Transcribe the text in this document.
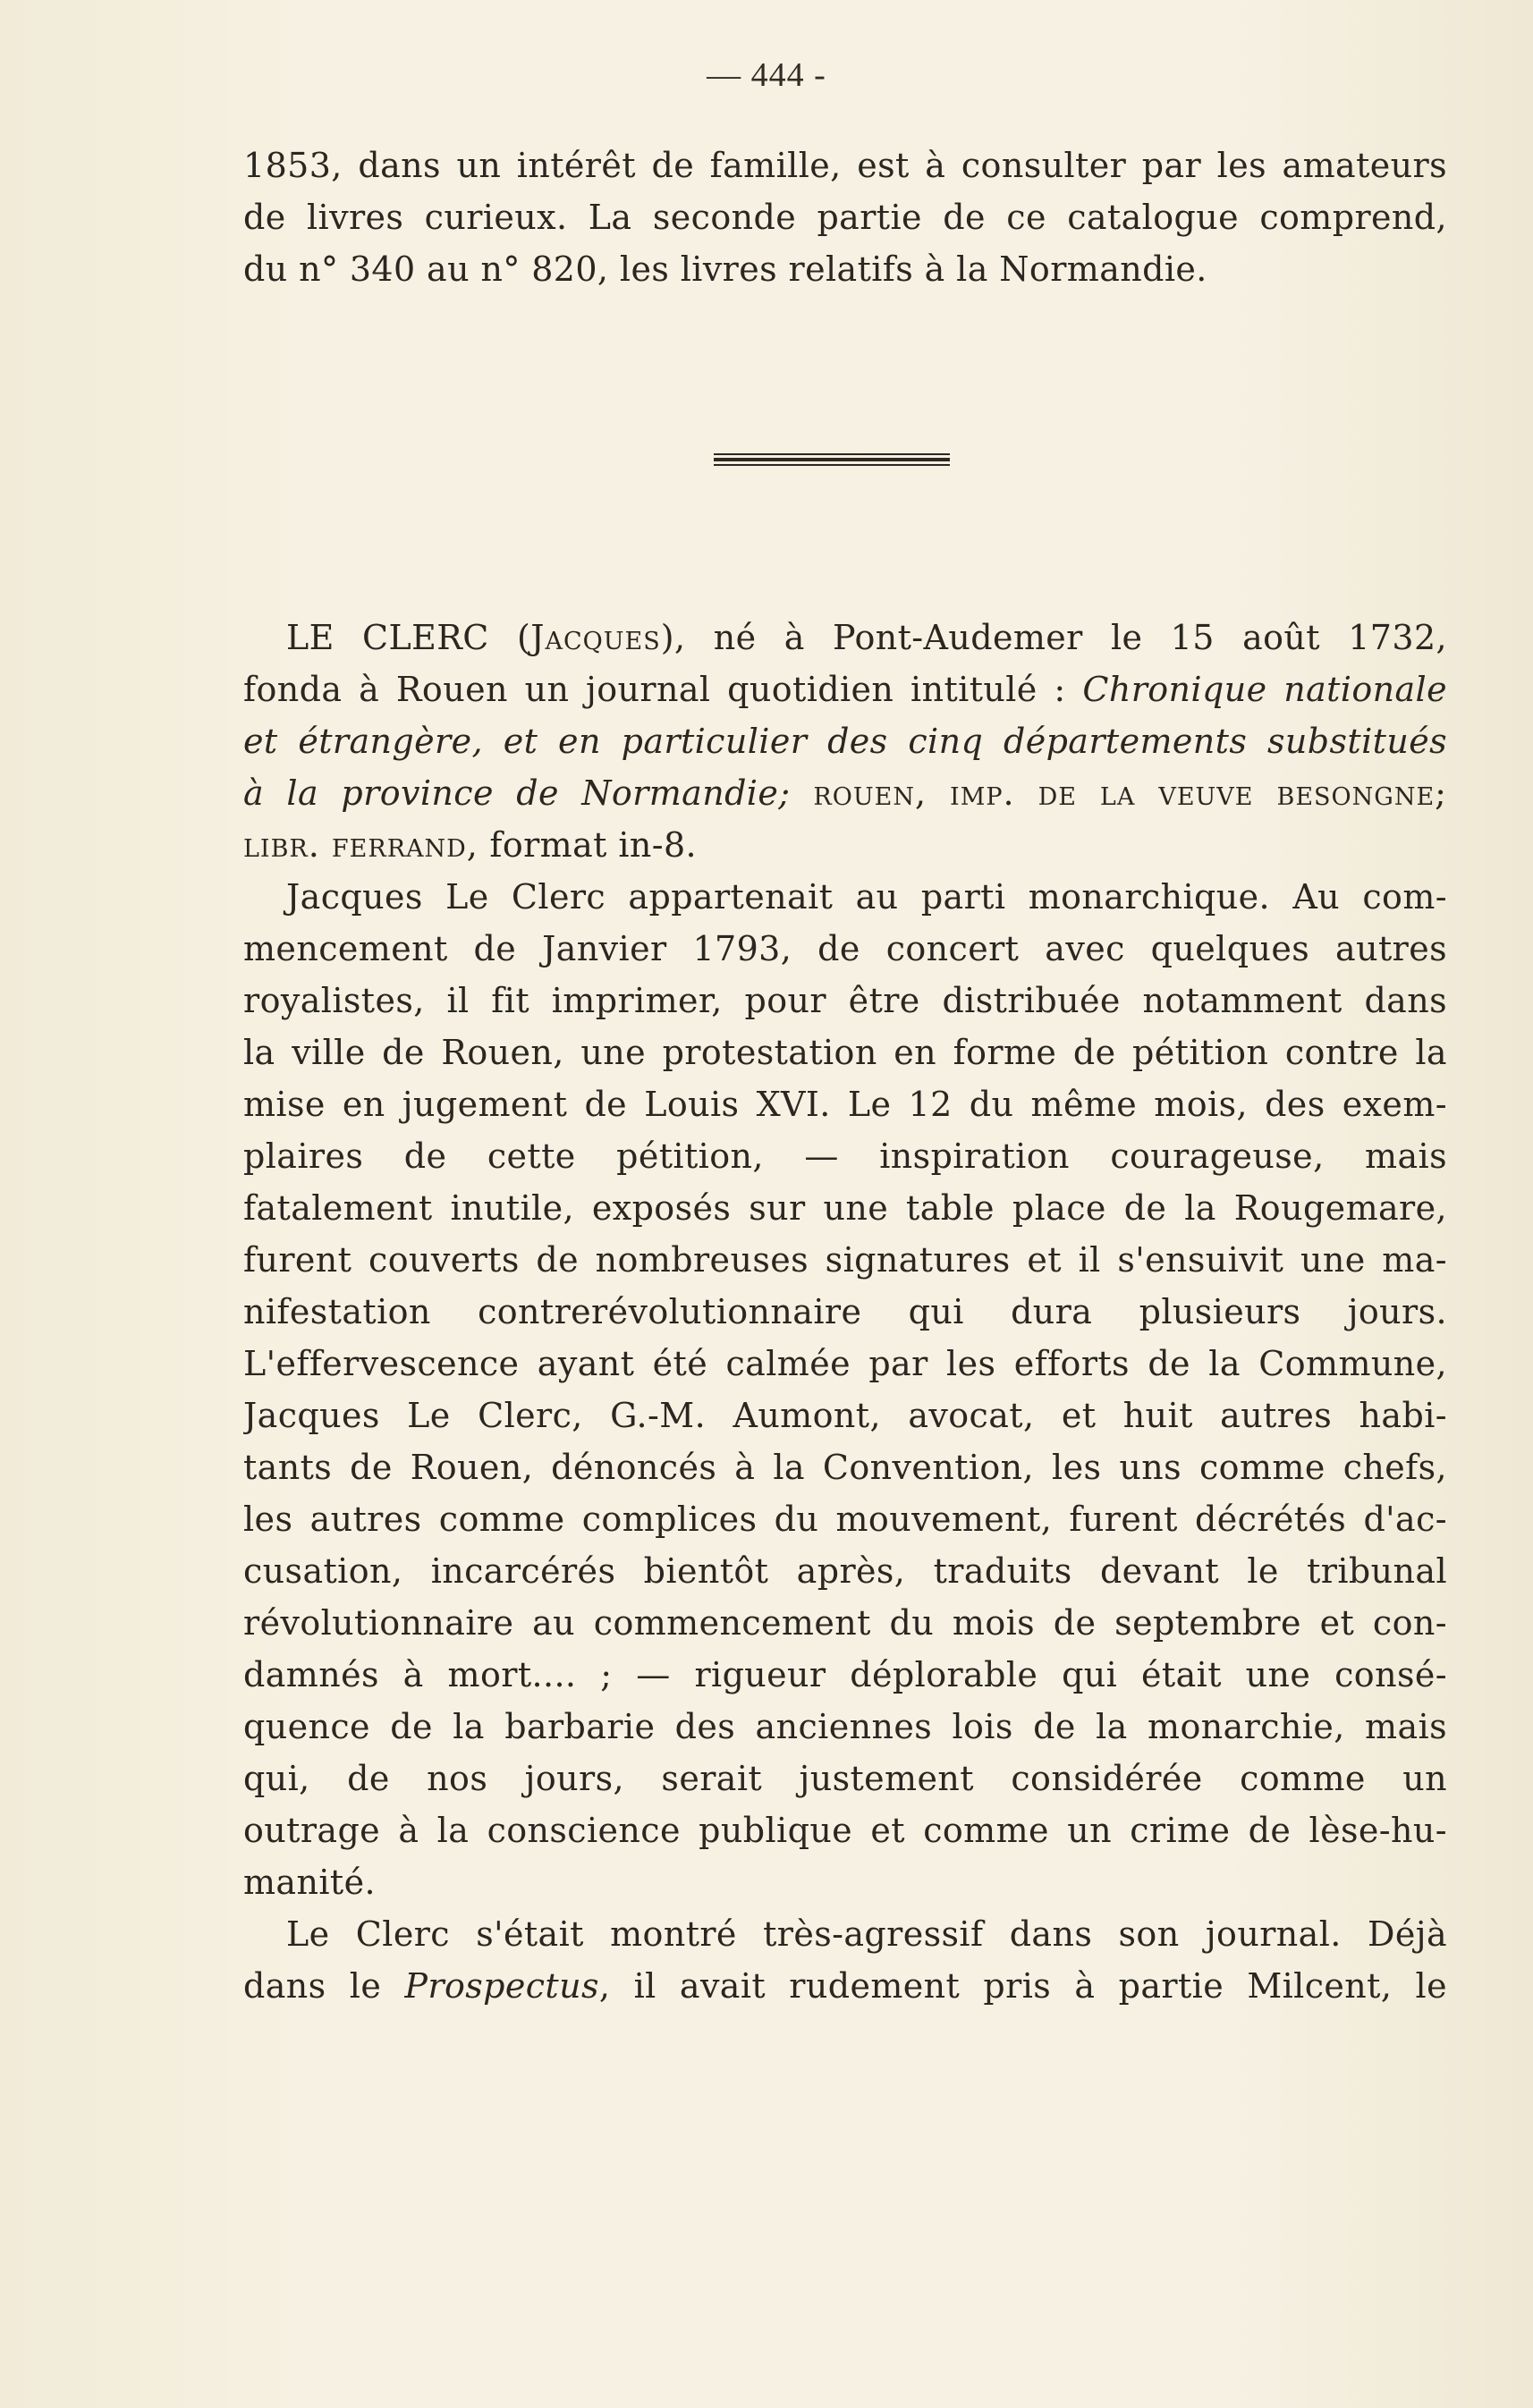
— 444 -
1853, dans un intérêt de famille, est à consulter par les amateurs
de livres curieux. La seconde partie de ce catalogue comprend,
du n° 340 au n° 820, les livres relatifs à la Normandie.
LE CLERC (Jacques), né à Pont-Audemer le 15 août 1732,
fonda à Rouen un journal quotidien intitulé : Chronique nationale
et étrangère, et en particulier des cinq départements substitués
à la province de Normandie; rouen, imp. de la veuve besongne;
libr. ferrand, format in-8.
Jacques Le Clerc appartenait au parti monarchique. Au com-
mencement de Janvier 1793, de concert avec quelques autres
royalistes, il fit imprimer, pour être distribuée notamment dans
la ville de Rouen, une protestation en forme de pétition contre la
mise en jugement de Louis XVI. Le 12 du même mois, des exem-
plaires de cette pétition, — inspiration courageuse, mais
fatalement inutile, exposés sur une table place de la Rougemare,
furent couverts de nombreuses signatures et il s'ensuivit une ma-
nifestation contrerévolutionnaire qui dura plusieurs jours.
L'effervescence ayant été calmée par les efforts de la Commune,
Jacques Le Clerc, G.-M. Aumont, avocat, et huit autres habi-
tants de Rouen, dénoncés à la Convention, les uns comme chefs,
les autres comme complices du mouvement, furent décrétés d'ac-
cusation, incarcérés bientôt après, traduits devant le tribunal
révolutionnaire au commencement du mois de septembre et con-
damnés à mort.... ; — rigueur déplorable qui était une consé-
quence de la barbarie des anciennes lois de la monarchie, mais
qui, de nos jours, serait justement considérée comme un
outrage à la conscience publique et comme un crime de lèse-hu-
manité.
Le Clerc s'était montré très-agressif dans son journal. Déjà
dans le Prospectus, il avait rudement pris à partie Milcent, le
